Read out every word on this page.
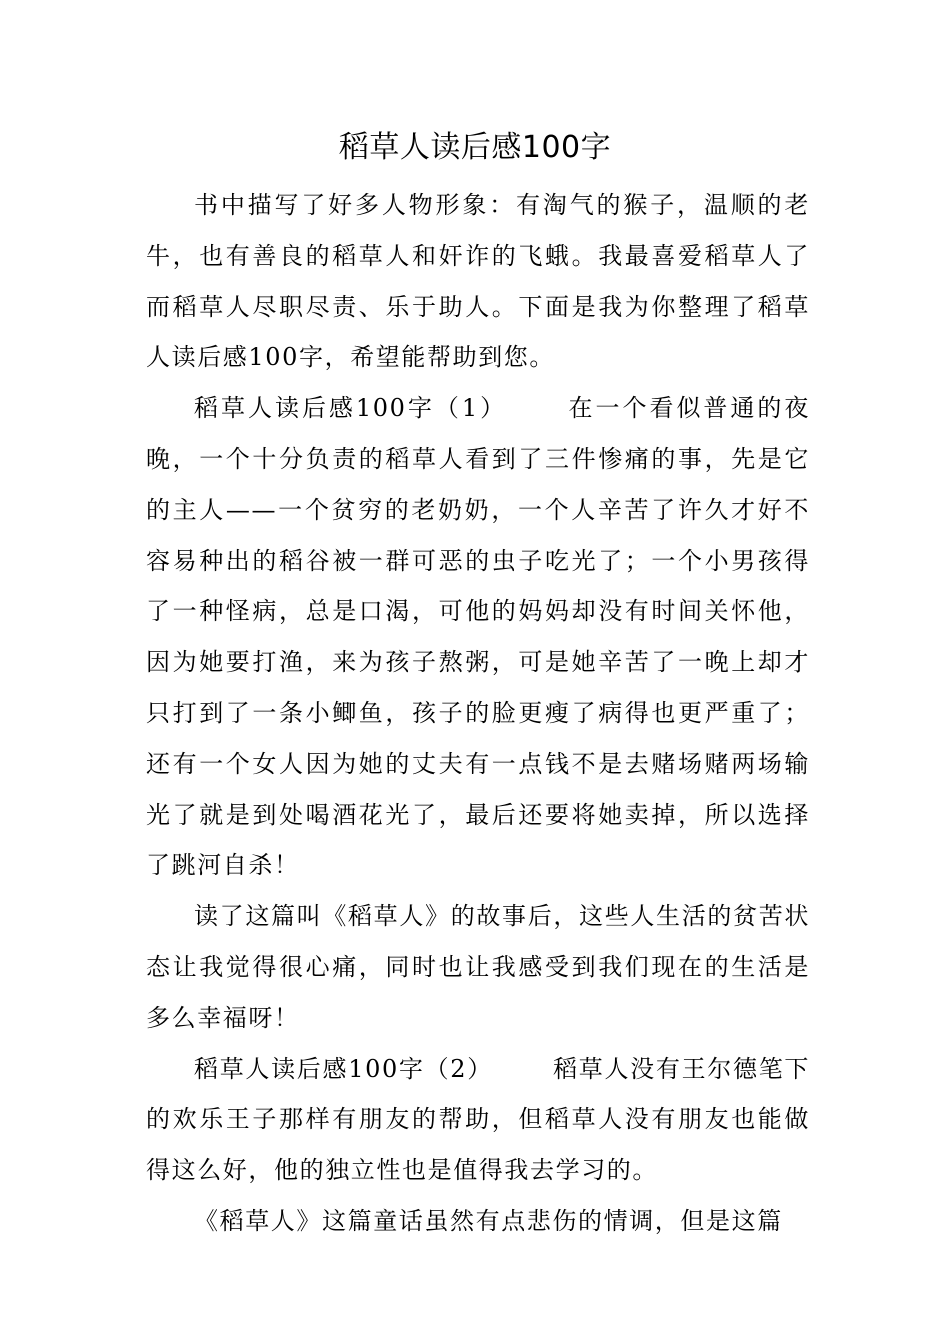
稻草人读后感100字

书中描写了好多人物形象：有淘气的猴子，温顺的老牛，也有善良的稻草人和奸诈的飞蛾。我最喜爱稻草人了而稻草人尽职尽责、乐于助人。下面是我为你整理了稻草人读后感100字，希望能帮助到您。

稻草人读后感100字（1）	在一个看似普通的夜晚，一个十分负责的稻草人看到了三件惨痛的事，先是它的主人——一个贫穷的老奶奶，一个人辛苦了许久才好不容易种出的稻谷被一群可恶的虫子吃光了；一个小男孩得了一种怪病，总是口渴，可他的妈妈却没有时间关怀他，因为她要打渔，来为孩子熬粥，可是她辛苦了一晚上却才只打到了一条小鲫鱼，孩子的脸更瘦了病得也更严重了；还有一个女人因为她的丈夫有一点钱不是去赌场赌两场输光了就是到处喝酒花光了，最后还要将她卖掉，所以选择了跳河自杀！

读了这篇叫《稻草人》的故事后，这些人生活的贫苦状态让我觉得很心痛，同时也让我感受到我们现在的生活是多么幸福呀！

稻草人读后感100字（2）	稻草人没有王尔德笔下的欢乐王子那样有朋友的帮助，但稻草人没有朋友也能做得这么好，他的独立性也是值得我去学习的。

《稻草人》这篇童话虽然有点悲伤的情调，但是这篇
